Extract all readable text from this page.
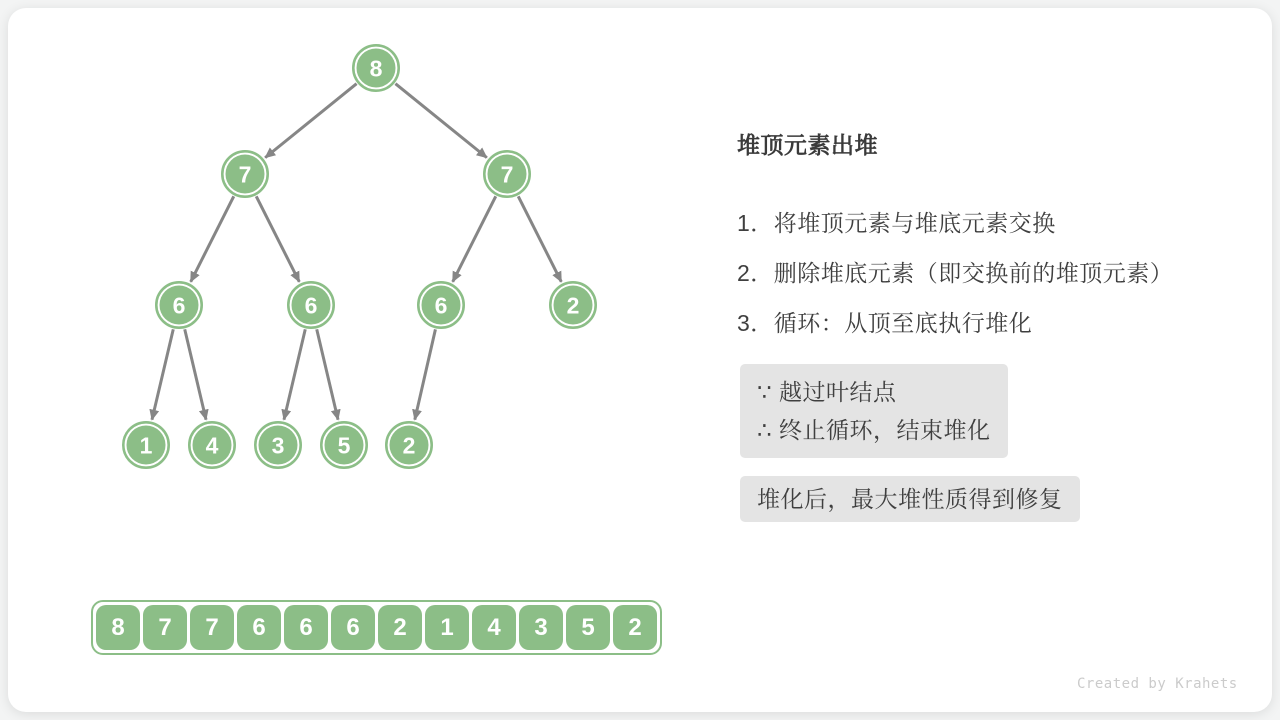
8
7	7
6	6	6	2
1 4 3 5 2
堆顶元素出堆
1．将堆顶元素与堆底元素交换
2．删除堆底元素（即交换前的堆顶元素）
3．循环：从顶至底执行堆化
∵ 越过叶结点
∴ 终止循环，结束堆化
堆化后，最大堆性质得到修复
8	7	7	6	6	6	2	1	4	3	5	2
Created by Krahets
